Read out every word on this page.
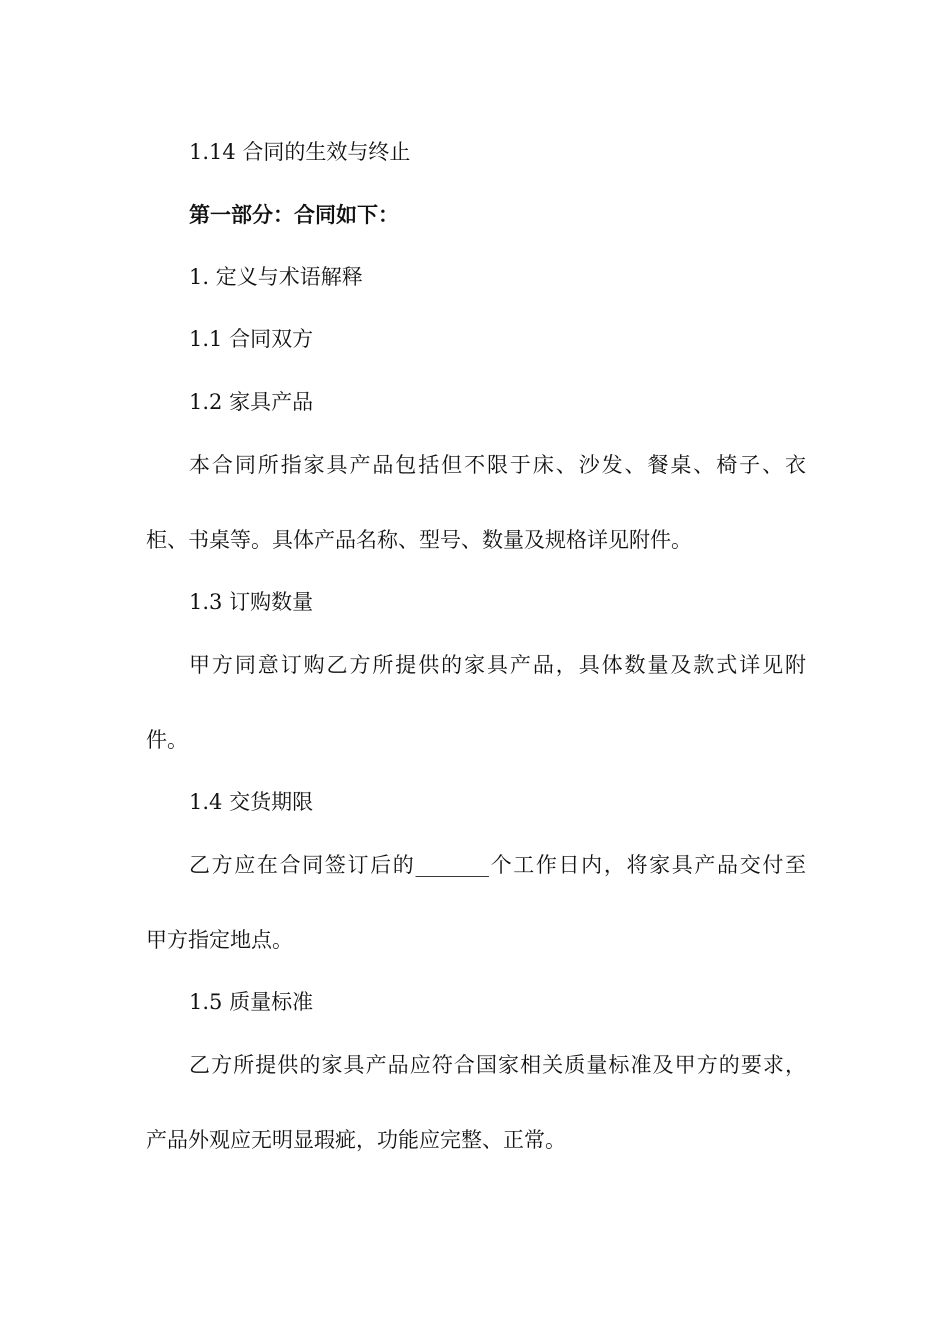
1.14 合同的生效与终止

第一部分：合同如下：

1. 定义与术语解释

1.1 合同双方

1.2 家具产品

本合同所指家具产品包括但不限于床、沙发、餐桌、椅子、衣

柜、书桌等。具体产品名称、型号、数量及规格详见附件。

1.3 订购数量

甲方同意订购乙方所提供的家具产品，具体数量及款式详见附

件。

1.4 交货期限

乙方应在合同签订后的_______个工作日内，将家具产品交付至

甲方指定地点。

1.5 质量标准

乙方所提供的家具产品应符合国家相关质量标准及甲方的要求，

产品外观应无明显瑕疵，功能应完整、正常。
